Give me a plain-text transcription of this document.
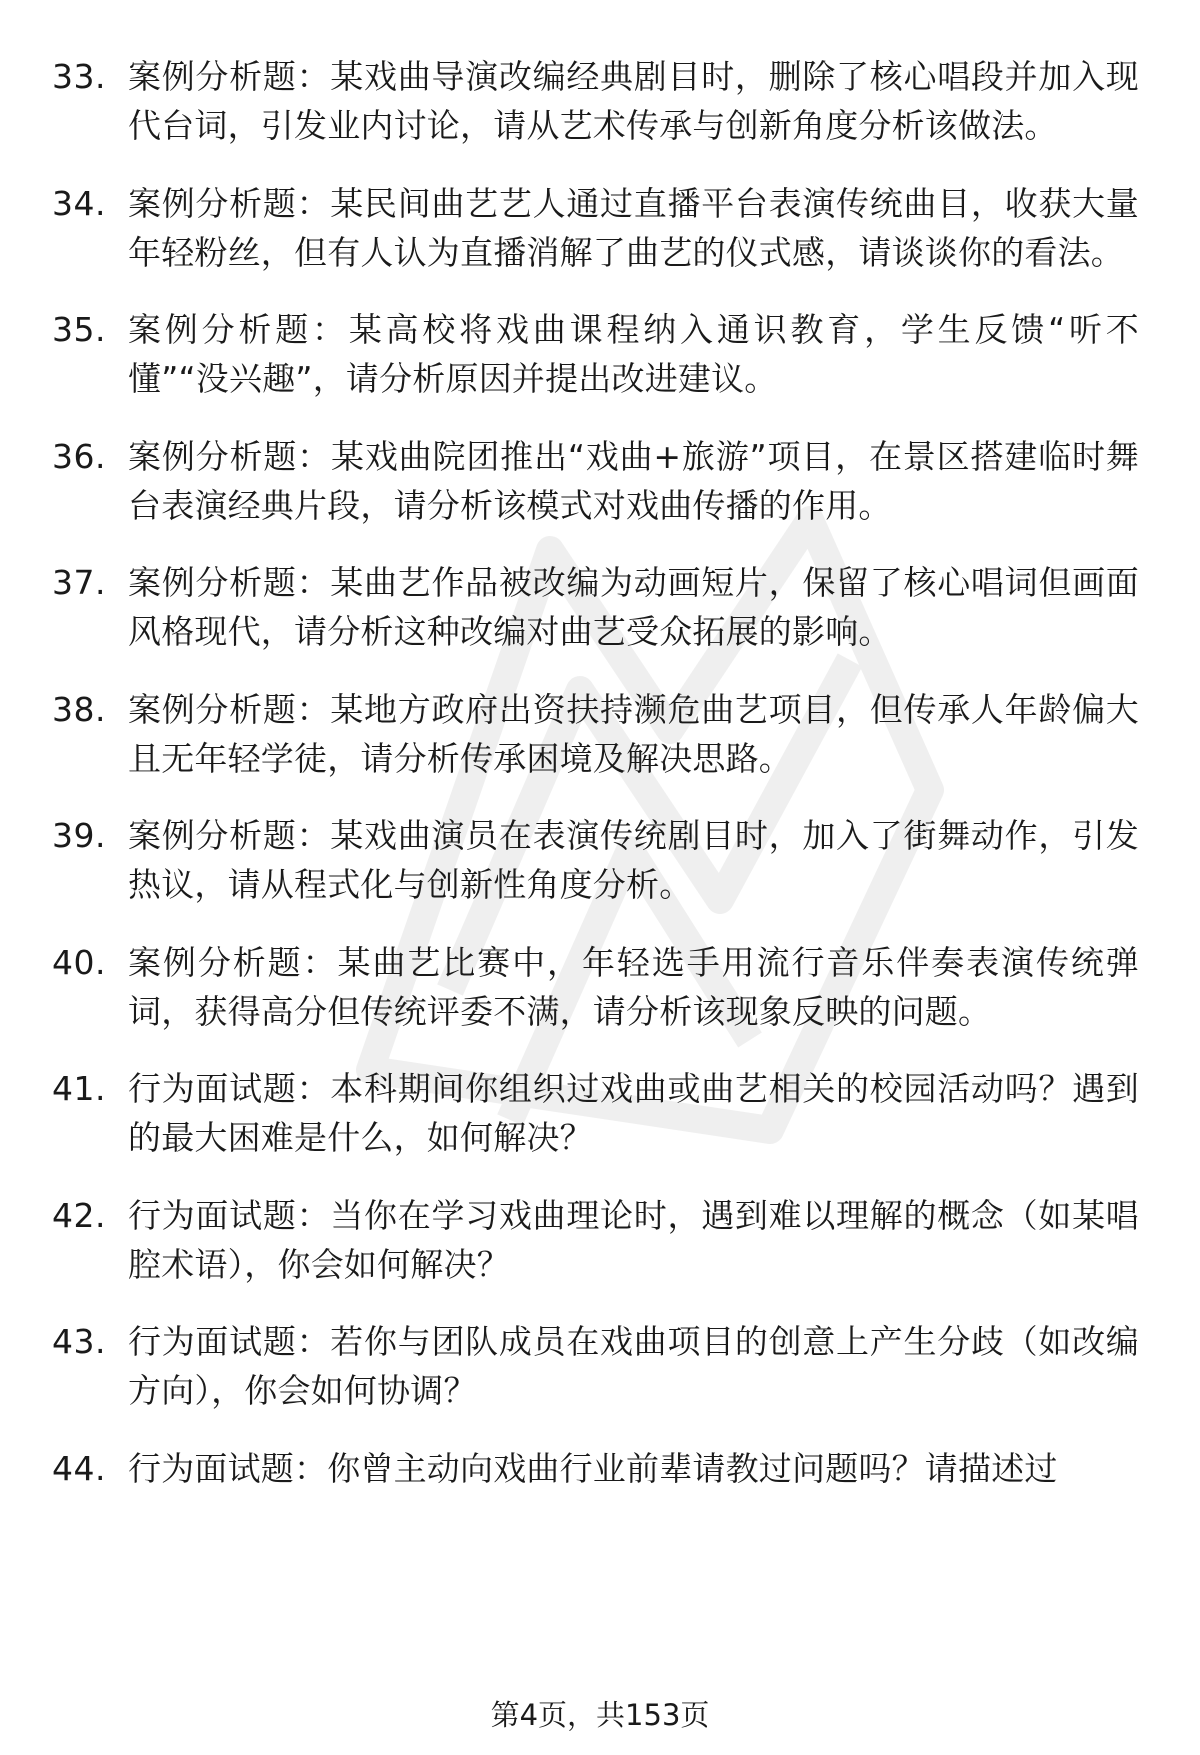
33. 案例分析题：某戏曲导演改编经典剧目时，删除了核心唱段并加入现代台词，引发业内讨论，请从艺术传承与创新角度分析该做法。
34. 案例分析题：某民间曲艺艺人通过直播平台表演传统曲目，收获大量年轻粉丝，但有人认为直播消解了曲艺的仪式感，请谈谈你的看法。
35. 案例分析题：某高校将戏曲课程纳入通识教育，学生反馈“听不懂”“没兴趣”，请分析原因并提出改进建议。
36. 案例分析题：某戏曲院团推出“戏曲+旅游”项目，在景区搭建临时舞台表演经典片段，请分析该模式对戏曲传播的作用。
37. 案例分析题：某曲艺作品被改编为动画短片，保留了核心唱词但画面风格现代，请分析这种改编对曲艺受众拓展的影响。
38. 案例分析题：某地方政府出资扶持濒危曲艺项目，但传承人年龄偏大且无年轻学徒，请分析传承困境及解决思路。
39. 案例分析题：某戏曲演员在表演传统剧目时，加入了街舞动作，引发热议，请从程式化与创新性角度分析。
40. 案例分析题：某曲艺比赛中，年轻选手用流行音乐伴奏表演传统弹词，获得高分但传统评委不满，请分析该现象反映的问题。
41. 行为面试题：本科期间你组织过戏曲或曲艺相关的校园活动吗？遇到的最大困难是什么，如何解决？
42. 行为面试题：当你在学习戏曲理论时，遇到难以理解的概念（如某唱腔术语），你会如何解决？
43. 行为面试题：若你与团队成员在戏曲项目的创意上产生分歧（如改编方向），你会如何协调？
44. 行为面试题：你曾主动向戏曲行业前辈请教过问题吗？请描述过
第4页，共153页
